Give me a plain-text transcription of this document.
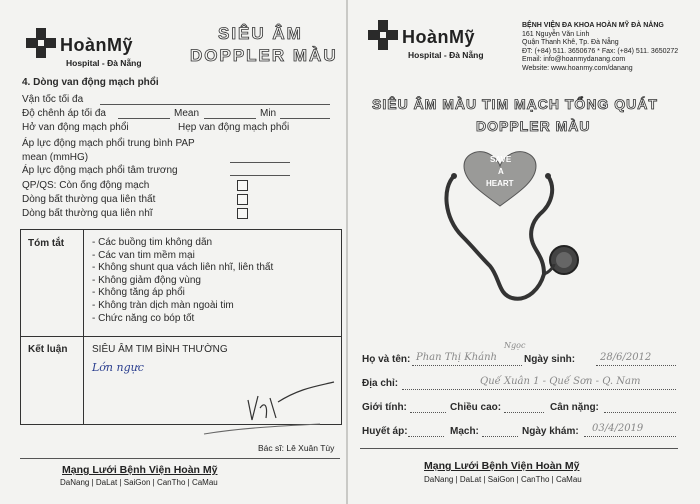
HoànMỹ
Hospital - Đà Nẵng
SIÊU ÂM
DOPPLER MÀU
4. Dòng van động mạch phổi
Vận tốc tối đa
Độ chênh áp tối đa	Mean	Min
Hở van động mạch phổi	Hẹp van động mạch phổi
Áp lực động mạch phổi trung bình PAP
mean (mmHG)
Áp lực động mạch phổi tâm trương
QP/QS: Còn ống động mạch
Dòng bất thường qua liên thất
Dòng bất thường qua liên nhĩ
Tóm tắt	- Các buồng tim không dãn
- Các van tim mềm mại
- Không shunt qua vách liên nhĩ, liên thất
- Không giảm động vùng
- Không tăng áp phổi
- Không tràn dịch màn ngoài tim
- Chức năng co bóp tốt
Kết luận SIÊU ÂM TIM BÌNH THƯỜNG
Lớn ngực
Bác sĩ: Lê Xuân Tùy
Mạng Lưới Bệnh Viện Hoàn Mỹ
DaNang | DaLat | SaiGon | CanTho | CaMau
HoànMỹ
Hospital - Đà Nẵng
BỆNH VIỆN ĐA KHOA HOÀN MỸ ĐÀ NẴNG
161 Nguyễn Văn Linh
Quận Thanh Khê, Tp. Đà Nẵng
ĐT: (+84) 511. 3650676 * Fax: (+84) 511. 3650272
Email: info@hoanmydanang.com
Website: www.hoanmy.com/danang
SIÊU ÂM MÀU TIM MẠCH TỔNG QUÁT
DOPPLER MÀU
SAVE
A
HEART
Họ và tên: Phan Thị Khánh
Ngọc
Ngày sinh: 28/6/2012
Địa chỉ:	Quế Xuân 1 - Quế Sơn - Q. Nam
Giới tính:	Chiều cao:	Cân nặng:
Huyết áp:	Mạch:	Ngày khám: 03/4/2019
Mạng Lưới Bệnh Viện Hoàn Mỹ
DaNang | DaLat | SaiGon | CanTho | CaMau
